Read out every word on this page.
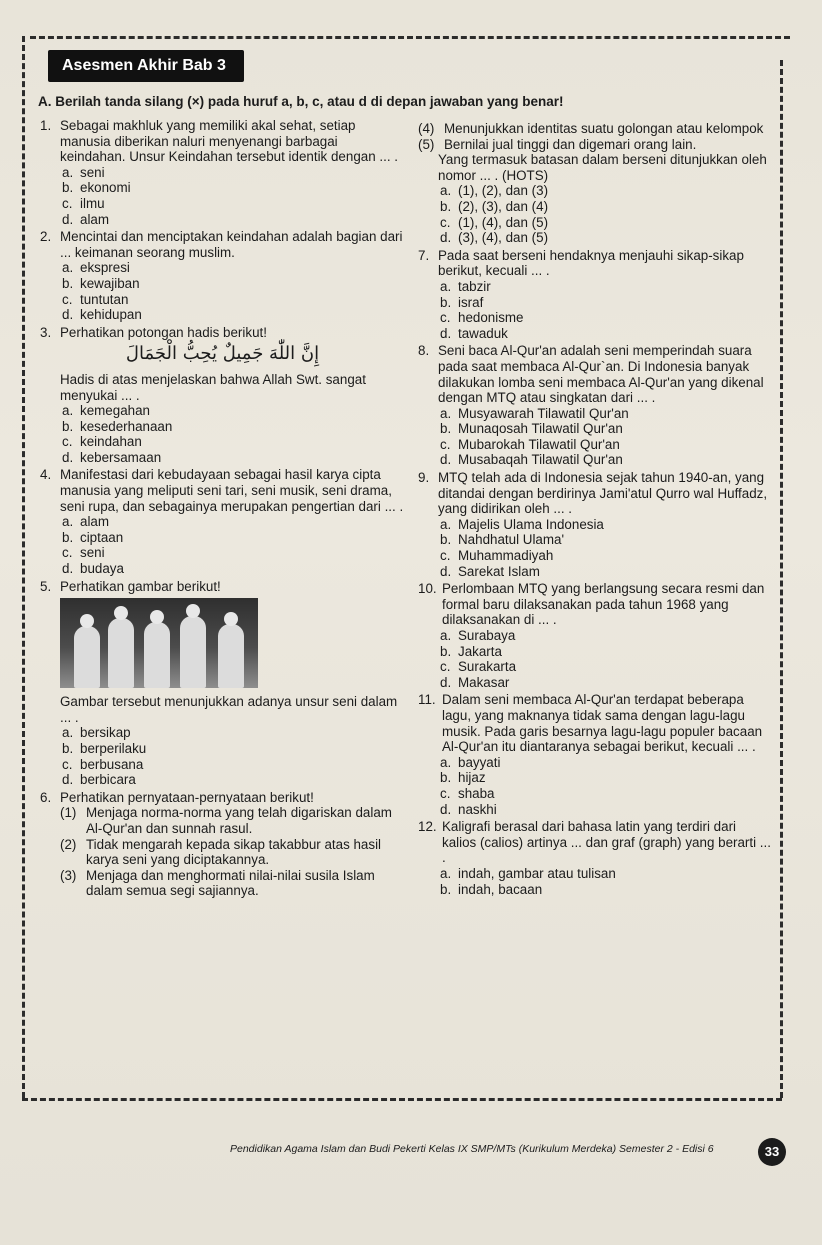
Asesmen Akhir Bab 3
A. Berilah tanda silang (×) pada huruf a, b, c, atau d di depan jawaban yang benar!
1. Sebagai makhluk yang memiliki akal sehat, setiap manusia diberikan naluri menyenangi barbagai keindahan. Unsur Keindahan tersebut identik dengan ... .
a. seni
b. ekonomi
c. ilmu
d. alam
2. Mencintai dan menciptakan keindahan adalah bagian dari ... keimanan seorang muslim.
a. ekspresi
b. kewajiban
c. tuntutan
d. kehidupan
3. Perhatikan potongan hadis berikut!
إِنَّ اللّٰهَ جَمِيلٌ يُحِبُّ الْجَمَالَ
Hadis di atas menjelaskan bahwa Allah Swt. sangat menyukai ... .
a. kemegahan
b. kesederhanaan
c. keindahan
d. kebersamaan
4. Manifestasi dari kebudayaan sebagai hasil karya cipta manusia yang meliputi seni tari, seni musik, seni drama, seni rupa, dan sebagainya merupakan pengertian dari ... .
a. alam
b. ciptaan
c. seni
d. budaya
5. Perhatikan gambar berikut!
Gambar tersebut menunjukkan adanya unsur seni dalam ... .
a. bersikap
b. berperilaku
c. berbusana
d. berbicara
6. Perhatikan pernyataan-pernyataan berikut!
(1) Menjaga norma-norma yang telah digariskan dalam Al-Qur'an dan sunnah rasul.
(2) Tidak mengarah kepada sikap takabbur atas hasil karya seni yang diciptakannya.
(3) Menjaga dan menghormati nilai-nilai susila Islam dalam semua segi sajiannya.
(4) Menunjukkan identitas suatu golongan atau kelompok
(5) Bernilai jual tinggi dan digemari orang lain.
Yang termasuk batasan dalam berseni ditunjukkan oleh nomor ... . (HOTS)
a. (1), (2), dan (3)
b. (2), (3), dan (4)
c. (1), (4), dan (5)
d. (3), (4), dan (5)
7. Pada saat berseni hendaknya menjauhi sikap-sikap berikut, kecuali ... .
a. tabzir
b. israf
c. hedonisme
d. tawaduk
8. Seni baca Al-Qur'an adalah seni memperindah suara pada saat membaca Al-Qur`an. Di Indonesia banyak dilakukan lomba seni membaca Al-Qur'an yang dikenal dengan MTQ atau singkatan dari ... .
a. Musyawarah Tilawatil Qur'an
b. Munaqosah Tilawatil Qur'an
c. Mubarokah Tilawatil Qur'an
d. Musabaqah Tilawatil Qur'an
9. MTQ telah ada di Indonesia sejak tahun 1940-an, yang ditandai dengan berdirinya Jami'atul Qurro wal Huffadz, yang didirikan oleh ... .
a. Majelis Ulama Indonesia
b. Nahdhatul Ulama'
c. Muhammadiyah
d. Sarekat Islam
10. Perlombaan MTQ yang berlangsung secara resmi dan formal baru dilaksanakan pada tahun 1968 yang dilaksanakan di ... .
a. Surabaya
b. Jakarta
c. Surakarta
d. Makasar
11. Dalam seni membaca Al-Qur'an terdapat beberapa lagu, yang maknanya tidak sama dengan lagu-lagu musik. Pada garis besarnya lagu-lagu populer bacaan Al-Qur'an itu diantaranya sebagai berikut, kecuali ... .
a. bayyati
b. hijaz
c. shaba
d. naskhi
12. Kaligrafi berasal dari bahasa latin yang terdiri dari kalios (calios) artinya ... dan graf (graph) yang berarti ... .
a. indah, gambar atau tulisan
b. indah, bacaan
Pendidikan Agama Islam dan Budi Pekerti Kelas IX SMP/MTs (Kurikulum Merdeka) Semester 2 - Edisi 6	33
